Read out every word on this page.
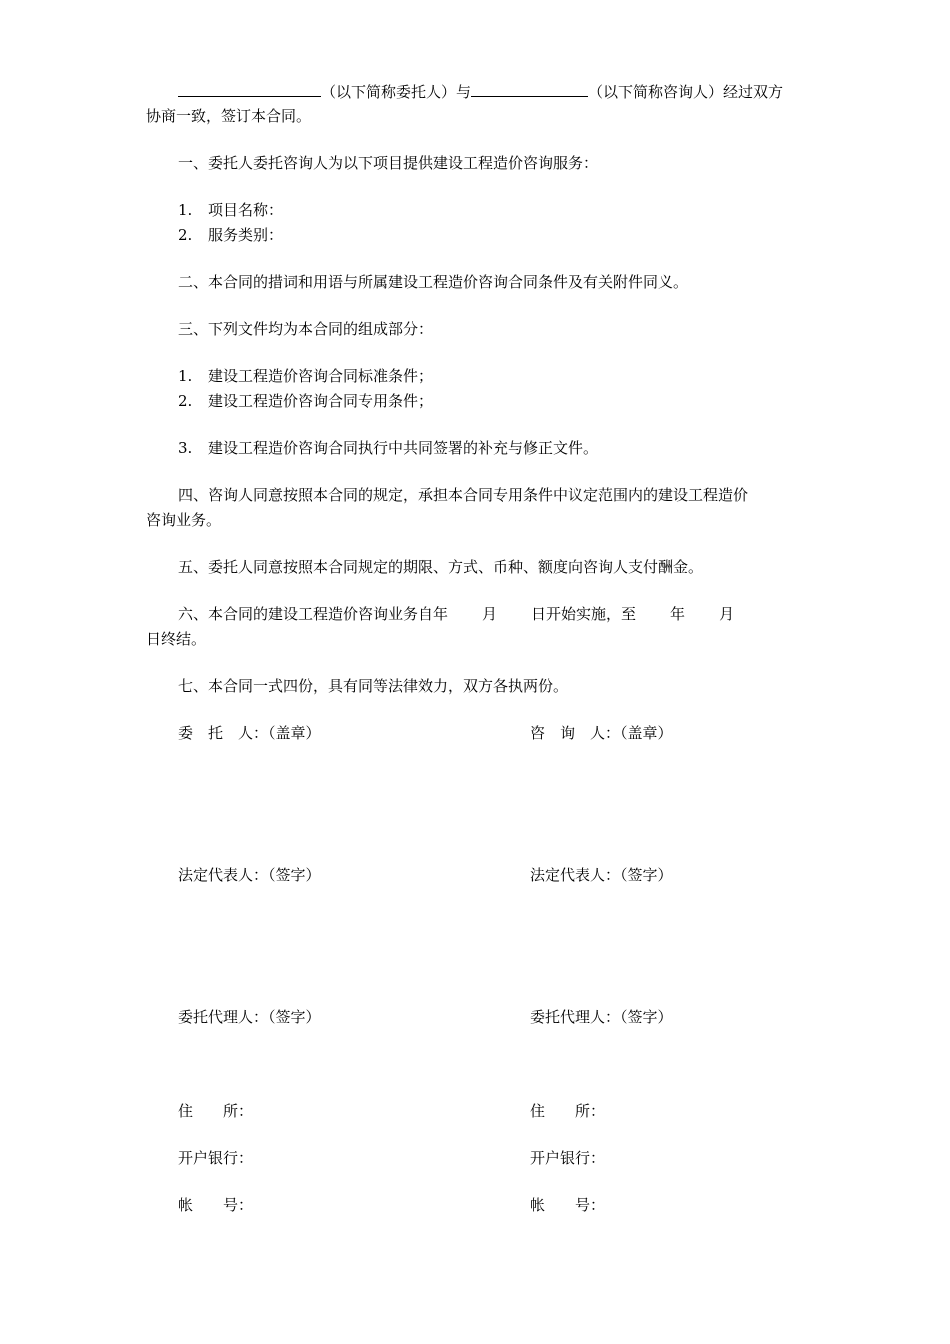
（以下简称委托人）与	（以下简称咨询人）经过双方
协商一致，签订本合同。
一、委托人委托咨询人为以下项目提供建设工程造价咨询服务：
1. 项目名称：
2. 服务类别：
二、本合同的措词和用语与所属建设工程造价咨询合同条件及有关附件同义。
三、下列文件均为本合同的组成部分：
1. 建设工程造价咨询合同标准条件；
2. 建设工程造价咨询合同专用条件；
3. 建设工程造价咨询合同执行中共同签署的补充与修正文件。
四、咨询人同意按照本合同的规定，承担本合同专用条件中议定范围内的建设工程造价
咨询业务。
五、委托人同意按照本合同规定的期限、方式、币种、额度向咨询人支付酬金。
六、本合同的建设工程造价咨询业务自年 月 日开始实施，至 年 月
日终结。
七、本合同一式四份，具有同等法律效力，双方各执两份。
委　托　人：（盖章）
法定代表人：（签字）
委托代理人：（签字）
住　　所：
开户银行：
帐　　号：
咨　询　人：（盖章）
法定代表人：（签字）
委托代理人：（签字）
住　　所：
开户银行：
帐　　号：
